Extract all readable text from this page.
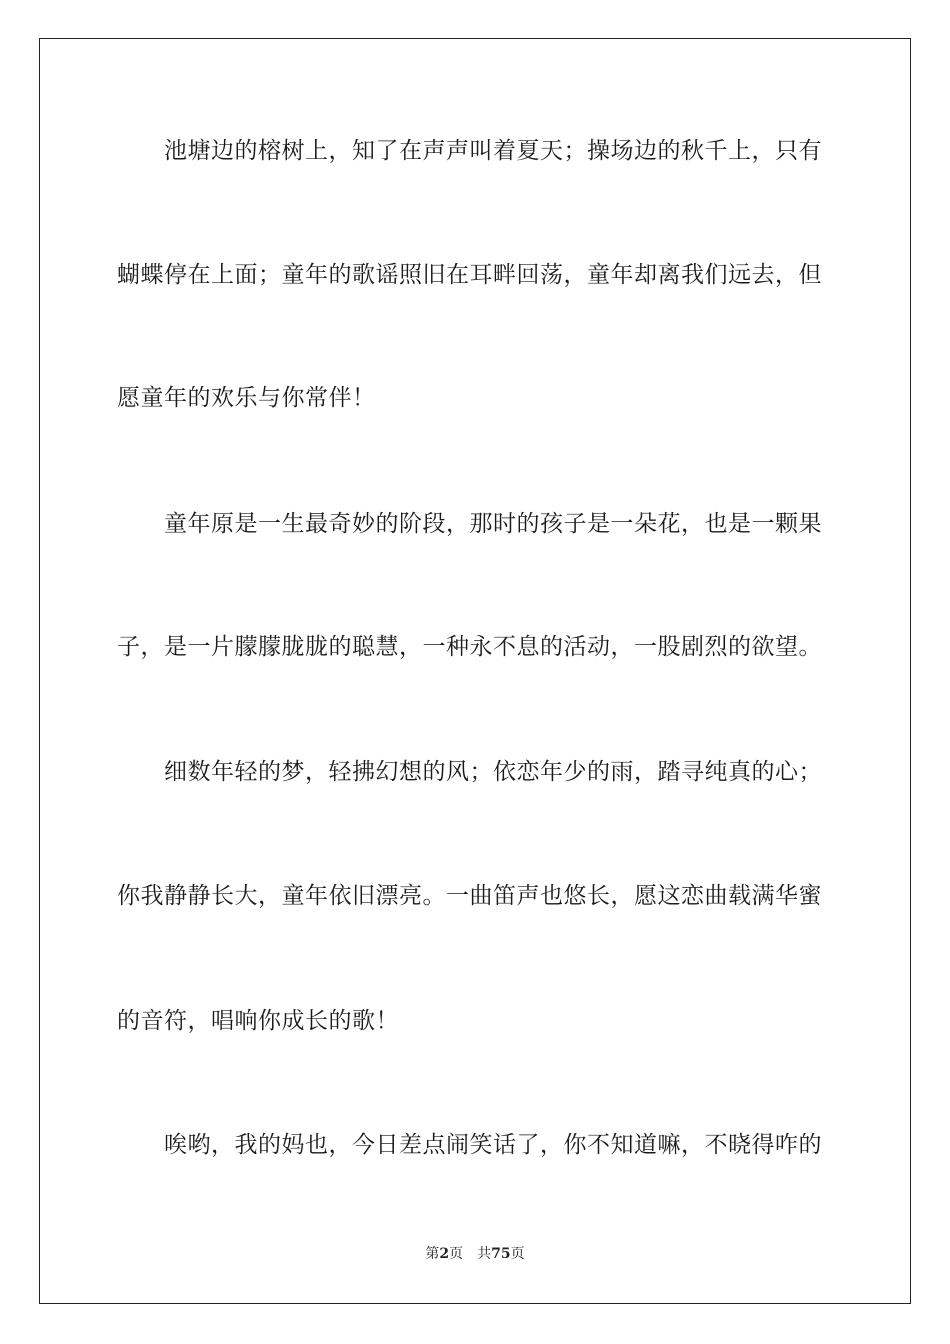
池塘边的榕树上，知了在声声叫着夏天；操场边的秋千上，只有
蝴蝶停在上面；童年的歌谣照旧在耳畔回荡，童年却离我们远去，但
愿童年的欢乐与你常伴！
童年原是一生最奇妙的阶段，那时的孩子是一朵花，也是一颗果
子，是一片朦朦胧胧的聪慧，一种永不息的活动，一股剧烈的欲望。
细数年轻的梦，轻拂幻想的风；依恋年少的雨，踏寻纯真的心；
你我静静长大，童年依旧漂亮。一曲笛声也悠长，愿这恋曲载满华蜜
的音符，唱响你成长的歌！
唉哟，我的妈也，今日差点闹笑话了，你不知道嘛，不晓得咋的
第2页 共75页
